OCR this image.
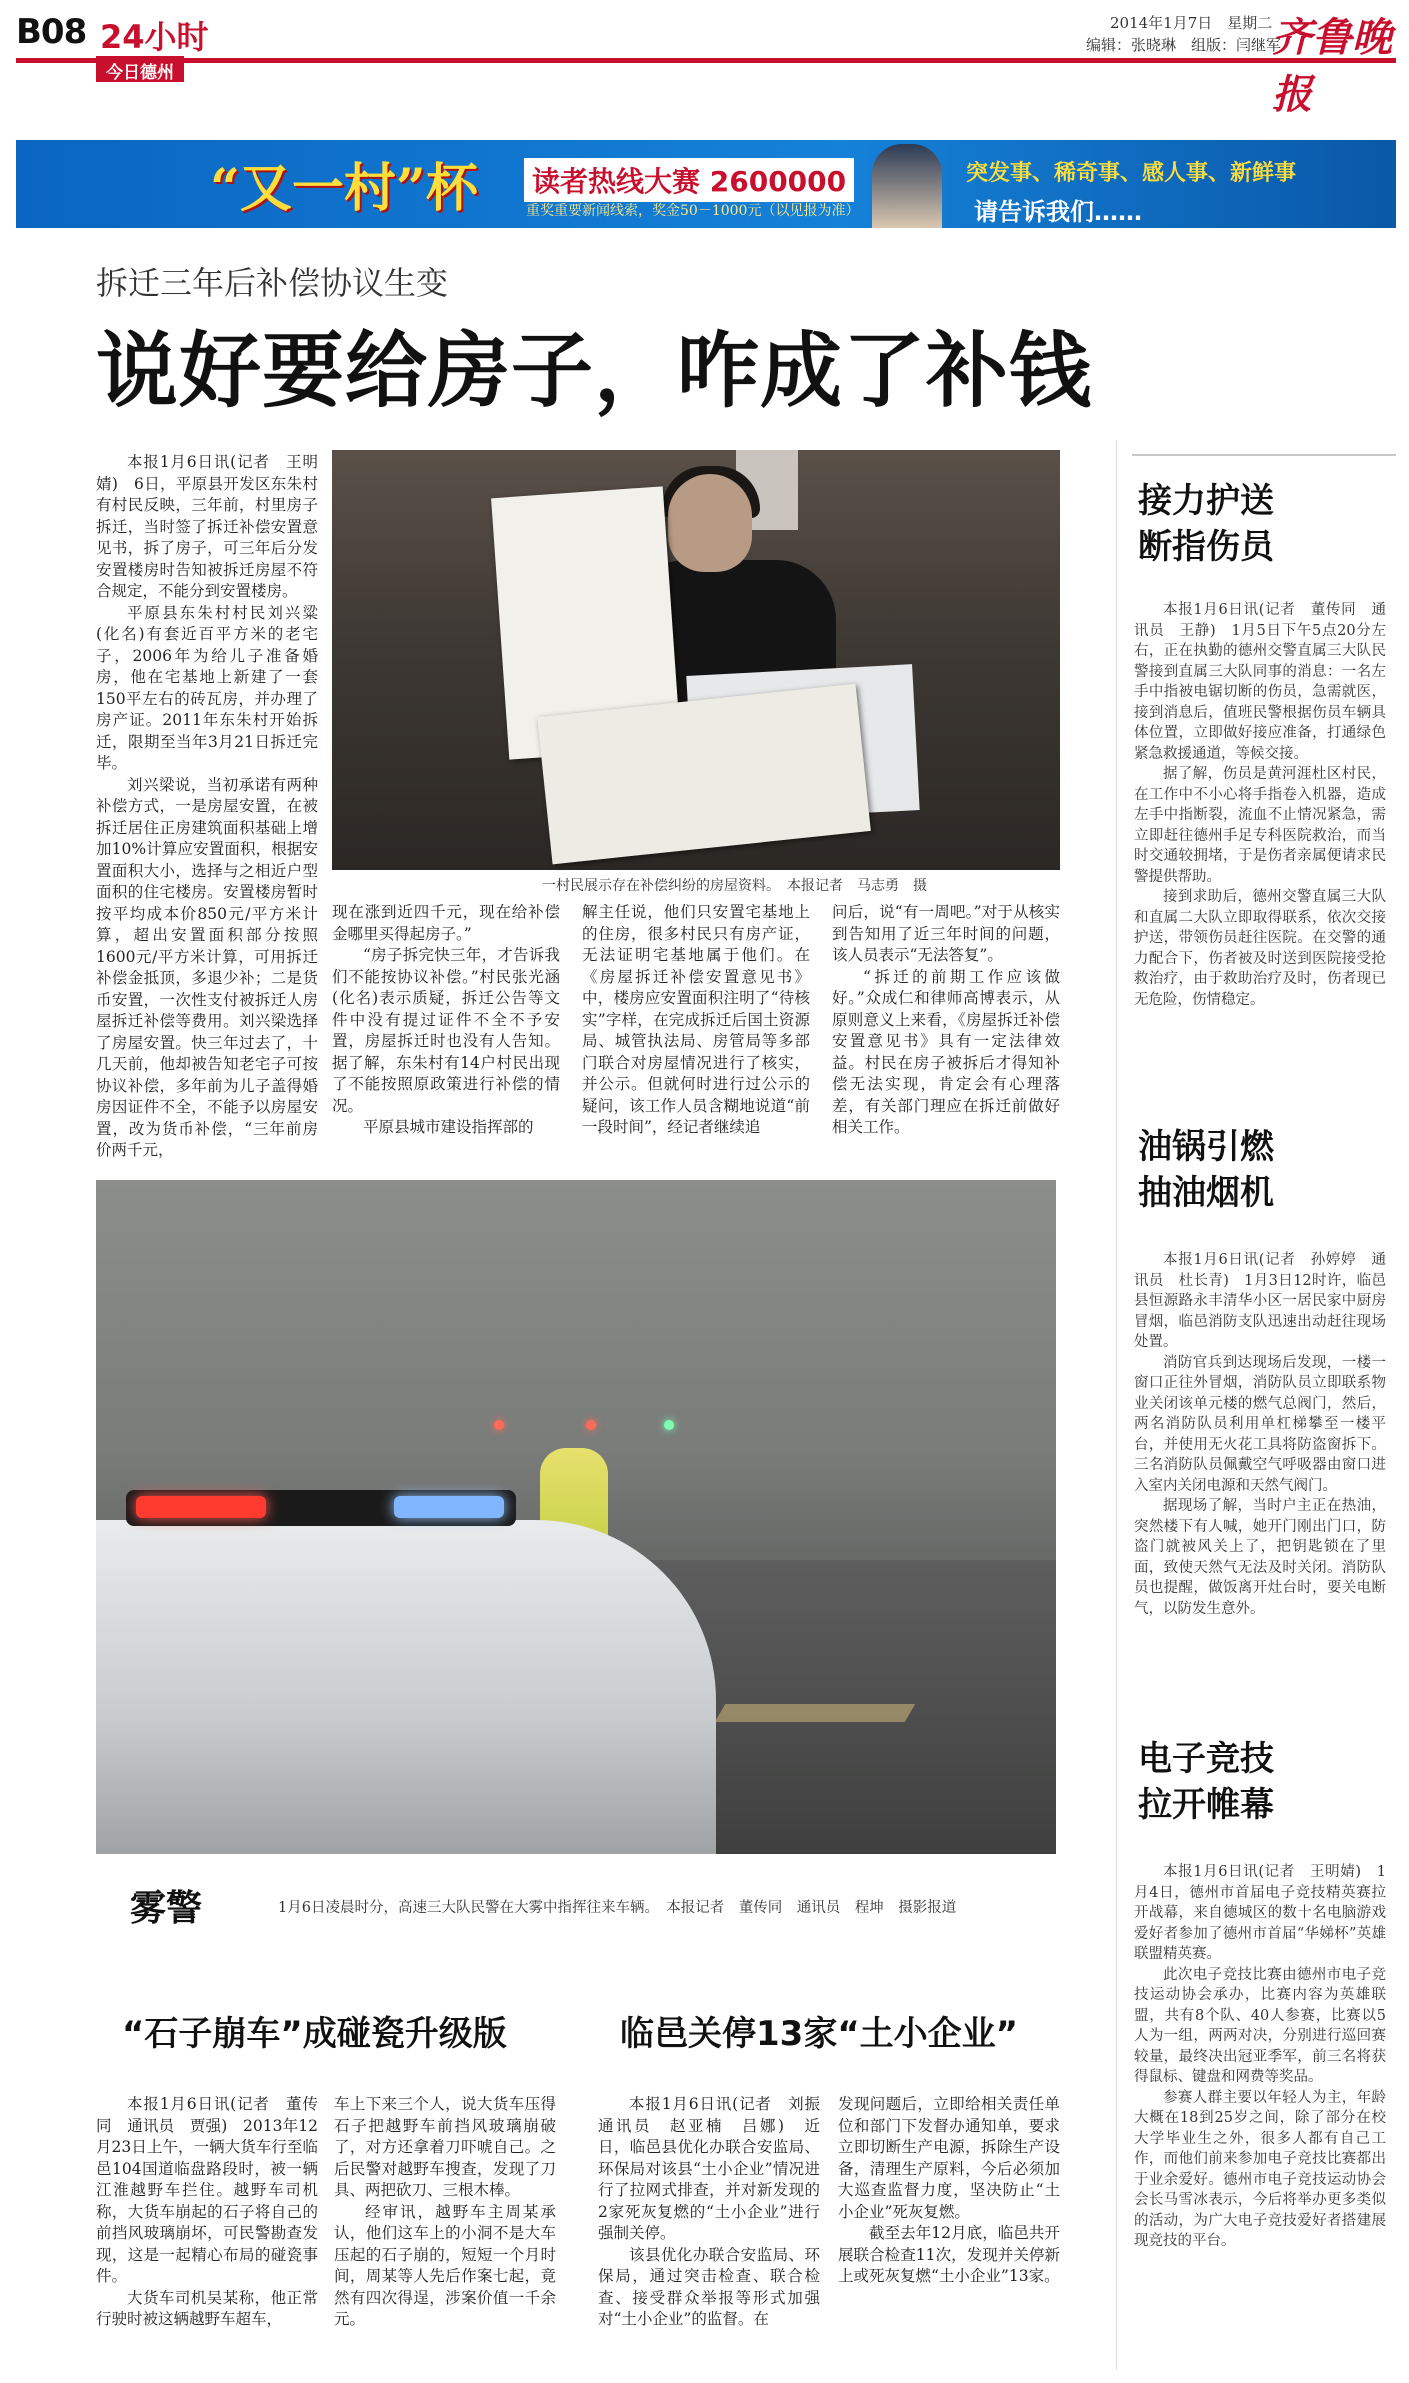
B08 24小时
今日德州
2014年1月7日　星期二
编辑：张晓琳　组版：闫继军
齐鲁晚报
“又一村”杯 读者热线大赛 2600000
重奖重要新闻线索，奖金50－1000元（以见报为准）
突发事、稀奇事、感人事、新鲜事
请告诉我们……
拆迁三年后补偿协议生变
说好要给房子，咋成了补钱

本报1月6日讯(记者　王明婧)　6日，平原县开发区东朱村有村民反映，三年前，村里房子拆迁，当时签了拆迁补偿安置意见书，拆了房子，可三年后分发安置楼房时告知被拆迁房屋不符合规定，不能分到安置楼房。

平原县东朱村村民刘兴粱(化名)有套近百平方米的老宅子，2006年为给儿子准备婚房，他在宅基地上新建了一套150平左右的砖瓦房，并办理了房产证。2011年东朱村开始拆迁，限期至当年3月21日拆迁完毕。

刘兴梁说，当初承诺有两种补偿方式，一是房屋安置，在被拆迁居住正房建筑面积基础上增加10%计算应安置面积，根据安置面积大小，选择与之相近户型面积的住宅楼房。安置楼房暂时按平均成本价850元/平方米计算，超出安置面积部分按照1600元/平方米计算，可用拆迁补偿金抵顶，多退少补；二是货币安置，一次性支付被拆迁人房屋拆迁补偿等费用。刘兴梁选择了房屋安置。快三年过去了，十几天前，他却被告知老宅子可按协议补偿，多年前为儿子盖得婚房因证件不全，不能予以房屋安置，改为货币补偿，“三年前房价两千元，

一村民展示存在补偿纠纷的房屋资料。　本报记者　马志勇　摄

现在涨到近四千元，现在给补偿金哪里买得起房子。”

“房子拆完快三年，才告诉我们不能按协议补偿。”村民张光涵(化名)表示质疑，拆迁公告等文件中没有提过证件不全不予安置，房屋拆迁时也没有人告知。据了解，东朱村有14户村民出现了不能按照原政策进行补偿的情况。

平原县城市建设指挥部的

解主任说，他们只安置宅基地上的住房，很多村民只有房产证，无法证明宅基地属于他们。在《房屋拆迁补偿安置意见书》中，楼房应安置面积注明了“待核实”字样，在完成拆迁后国土资源局、城管执法局、房管局等多部门联合对房屋情况进行了核实，并公示。但就何时进行过公示的疑问，该工作人员含糊地说道“前一段时间”，经记者继续追

问后，说“有一周吧。”对于从核实到告知用了近三年时间的问题，该人员表示“无法答复”。

“拆迁的前期工作应该做好。”众成仁和律师高博表示，从原则意义上来看，《房屋拆迁补偿安置意见书》具有一定法律效益。村民在房子被拆后才得知补偿无法实现，肯定会有心理落差，有关部门理应在拆迁前做好相关工作。

雾警	1月6日凌晨时分，高速三大队民警在大雾中指挥往来车辆。　本报记者　董传同　通讯员　程坤　摄影报道
“石子崩车”成碰瓷升级版

本报1月6日讯(记者　董传同　通讯员　贾强)　2013年12月23日上午，一辆大货车行至临邑104国道临盘路段时，被一辆江淮越野车拦住。越野车司机称，大货车崩起的石子将自己的前挡风玻璃崩坏，可民警勘查发现，这是一起精心布局的碰瓷事件。

大货车司机吴某称，他正常行驶时被这辆越野车超车，

车上下来三个人，说大货车压得石子把越野车前挡风玻璃崩破了，对方还拿着刀吓唬自己。之后民警对越野车搜查，发现了刀具、两把砍刀、三根木棒。

经审讯，越野车主周某承认，他们这车上的小洞不是大车压起的石子崩的，短短一个月时间，周某等人先后作案七起，竟然有四次得逞，涉案价值一千余元。

临邑关停13家“土小企业”

本报1月6日讯(记者　刘振　通讯员　赵亚楠　吕娜)　近日，临邑县优化办联合安监局、环保局对该县“土小企业”情况进行了拉网式排查，并对新发现的2家死灰复燃的“土小企业”进行强制关停。

该县优化办联合安监局、环保局，通过突击检查、联合检查、接受群众举报等形式加强对“土小企业”的监督。在

发现问题后，立即给相关责任单位和部门下发督办通知单，要求立即切断生产电源，拆除生产设备，清理生产原料，今后必须加大巡查监督力度，坚决防止“土小企业”死灰复燃。

截至去年12月底，临邑共开展联合检查11次，发现并关停新上或死灰复燃“土小企业”13家。

接力护送
断指伤员

本报1月6日讯(记者　董传同　通讯员　王静)　1月5日下午5点20分左右，正在执勤的德州交警直属三大队民警接到直属三大队同事的消息：一名左手中指被电锯切断的伤员，急需就医，接到消息后，值班民警根据伤员车辆具体位置，立即做好接应准备，打通绿色紧急救援通道，等候交接。

据了解，伤员是黄河涯杜区村民，在工作中不小心将手指卷入机器，造成左手中指断裂，流血不止情况紧急，需立即赶往德州手足专科医院救治，而当时交通较拥堵，于是伤者亲属便请求民警提供帮助。

接到求助后，德州交警直属三大队和直属二大队立即取得联系，依次交接护送，带领伤员赶往医院。在交警的通力配合下，伤者被及时送到医院接受抢救治疗，由于救助治疗及时，伤者现已无危险，伤情稳定。

油锅引燃
抽油烟机

本报1月6日讯(记者　孙婷婷　通讯员　杜长青)　1月3日12时许，临邑县恒源路永丰清华小区一居民家中厨房冒烟，临邑消防支队迅速出动赶往现场处置。

消防官兵到达现场后发现，一楼一窗口正往外冒烟，消防队员立即联系物业关闭该单元楼的燃气总阀门，然后，两名消防队员利用单杠梯攀至一楼平台，并使用无火花工具将防盗窗拆下。三名消防队员佩戴空气呼吸器由窗口进入室内关闭电源和天然气阀门。

据现场了解，当时户主正在热油，突然楼下有人喊，她开门刚出门口，防盗门就被风关上了，把钥匙锁在了里面，致使天然气无法及时关闭。消防队员也提醒，做饭离开灶台时，要关电断气，以防发生意外。

电子竞技
拉开帷幕

本报1月6日讯(记者　王明婧)　1月4日，德州市首届电子竞技精英赛拉开战幕，来自德城区的数十名电脑游戏爱好者参加了德州市首届“华娣杯”英雄联盟精英赛。

此次电子竞技比赛由德州市电子竞技运动协会承办，比赛内容为英雄联盟，共有8个队、40人参赛，比赛以5人为一组，两两对决，分别进行巡回赛较量，最终决出冠亚季军，前三名将获得鼠标、键盘和网费等奖品。

参赛人群主要以年轻人为主，年龄大概在18到25岁之间，除了部分在校大学毕业生之外，很多人都有自己工作，而他们前来参加电子竞技比赛都出于业余爱好。德州市电子竞技运动协会会长马雪冰表示，今后将举办更多类似的活动，为广大电子竞技爱好者搭建展现竞技的平台。
